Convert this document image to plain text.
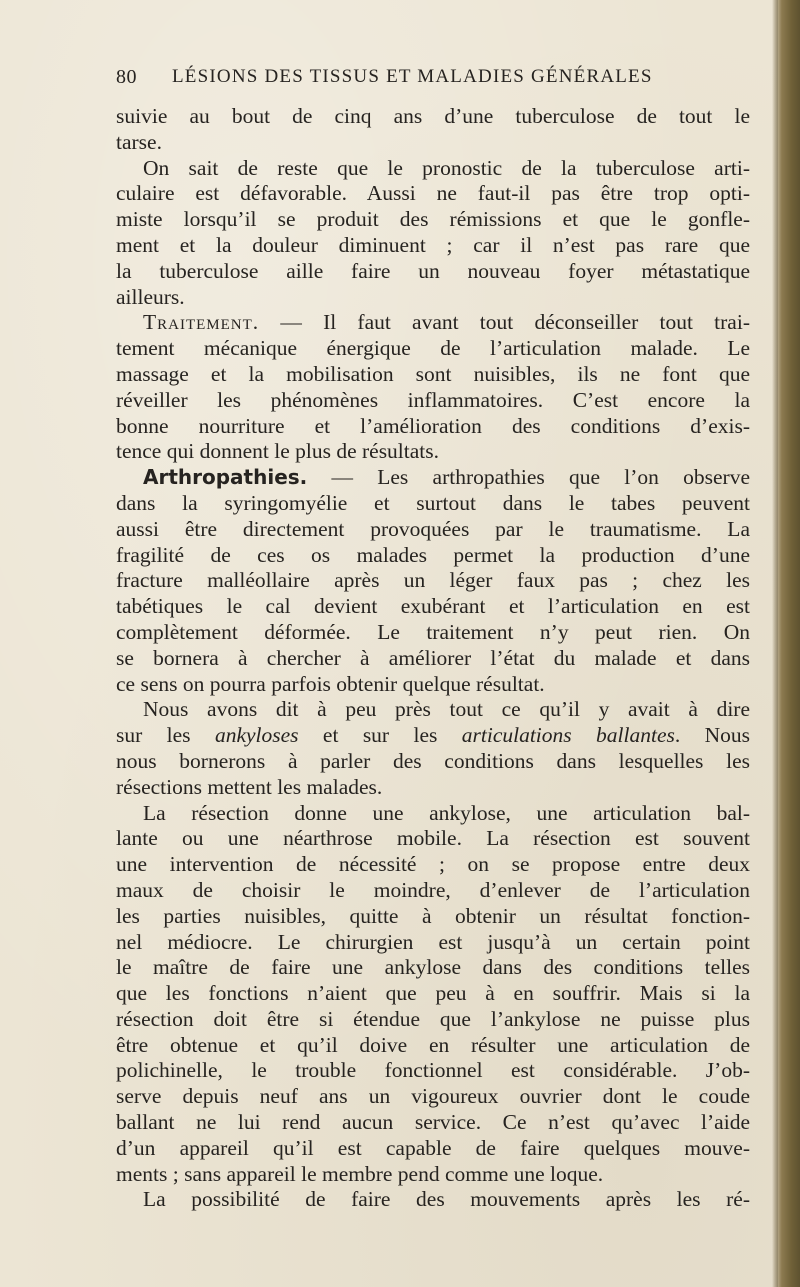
80 LÉSIONS DES TISSUS ET MALADIES GÉNÉRALES
suivie au bout de cinq ans d’une tuberculose de tout le
tarse.
On sait de reste que le pronostic de la tuberculose arti-
culaire est défavorable. Aussi ne faut-il pas être trop opti-
miste lorsqu’il se produit des rémissions et que le gonfle-
ment et la douleur diminuent ; car il n’est pas rare que
la tuberculose aille faire un nouveau foyer métastatique
ailleurs.
Traitement. — Il faut avant tout déconseiller tout trai-
tement mécanique énergique de l’articulation malade. Le
massage et la mobilisation sont nuisibles, ils ne font que
réveiller les phénomènes inflammatoires. C’est encore la
bonne nourriture et l’amélioration des conditions d’exis-
tence qui donnent le plus de résultats.
Arthropathies. — Les arthropathies que l’on observe
dans la syringomyélie et surtout dans le tabes peuvent
aussi être directement provoquées par le traumatisme. La
fragilité de ces os malades permet la production d’une
fracture malléollaire après un léger faux pas ; chez les
tabétiques le cal devient exubérant et l’articulation en est
complètement déformée. Le traitement n’y peut rien. On
se bornera à chercher à améliorer l’état du malade et dans
ce sens on pourra parfois obtenir quelque résultat.
Nous avons dit à peu près tout ce qu’il y avait à dire
sur les ankyloses et sur les articulations ballantes. Nous
nous bornerons à parler des conditions dans lesquelles les
résections mettent les malades.
La résection donne une ankylose, une articulation bal-
lante ou une néarthrose mobile. La résection est souvent
une intervention de nécessité ; on se propose entre deux
maux de choisir le moindre, d’enlever de l’articulation
les parties nuisibles, quitte à obtenir un résultat fonction-
nel médiocre. Le chirurgien est jusqu’à un certain point
le maître de faire une ankylose dans des conditions telles
que les fonctions n’aient que peu à en souffrir. Mais si la
résection doit être si étendue que l’ankylose ne puisse plus
être obtenue et qu’il doive en résulter une articulation de
polichinelle, le trouble fonctionnel est considérable. J’ob-
serve depuis neuf ans un vigoureux ouvrier dont le coude
ballant ne lui rend aucun service. Ce n’est qu’avec l’aide
d’un appareil qu’il est capable de faire quelques mouve-
ments ; sans appareil le membre pend comme une loque.
La possibilité de faire des mouvements après les ré-
